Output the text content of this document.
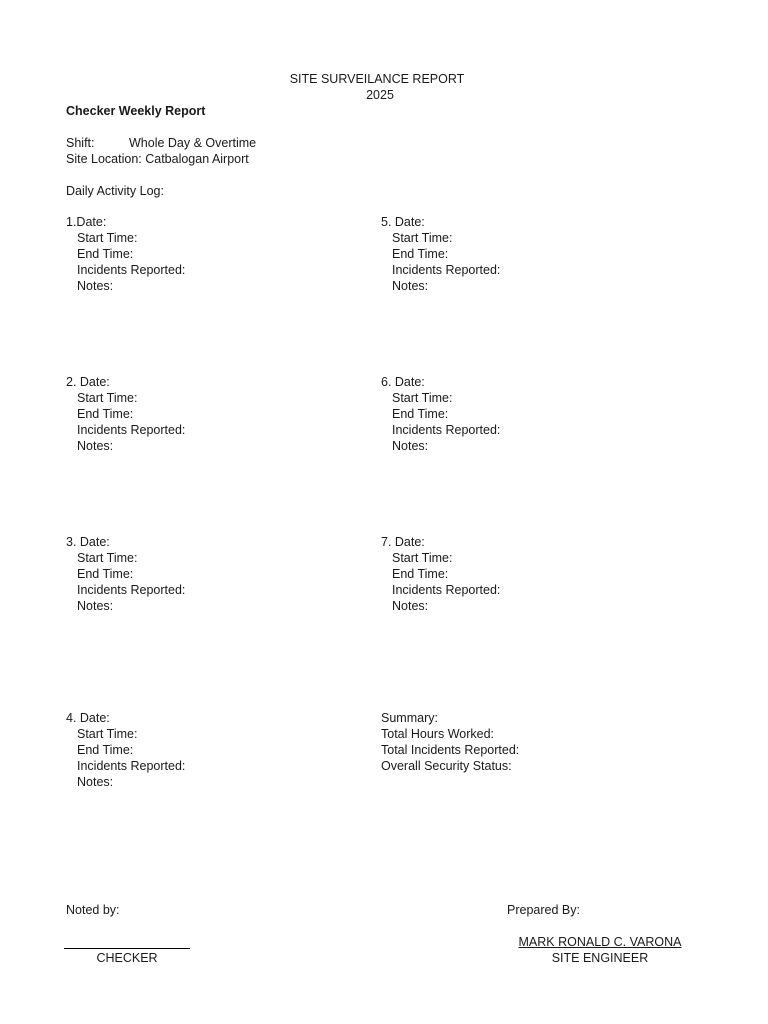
SITE SURVEILANCE REPORT
2025
Checker Weekly Report
Shift:	Whole Day & Overtime
Site Location: Catbalogan Airport
Daily Activity Log:
1.Date:
Start Time:
End Time:
Incidents Reported:
Notes:
2. Date:
Start Time:
End Time:
Incidents Reported:
Notes:
3. Date:
Start Time:
End Time:
Incidents Reported:
Notes:
4. Date:
Start Time:
End Time:
Incidents Reported:
Notes:
5. Date:
Start Time:
End Time:
Incidents Reported:
Notes:
6. Date:
Start Time:
End Time:
Incidents Reported:
Notes:
7. Date:
Start Time:
End Time:
Incidents Reported:
Notes:
Summary:
Total Hours Worked:
Total Incidents Reported:
Overall Security Status:
Noted by:
CHECKER
Prepared By:
MARK RONALD C. VARONA
SITE ENGINEER
